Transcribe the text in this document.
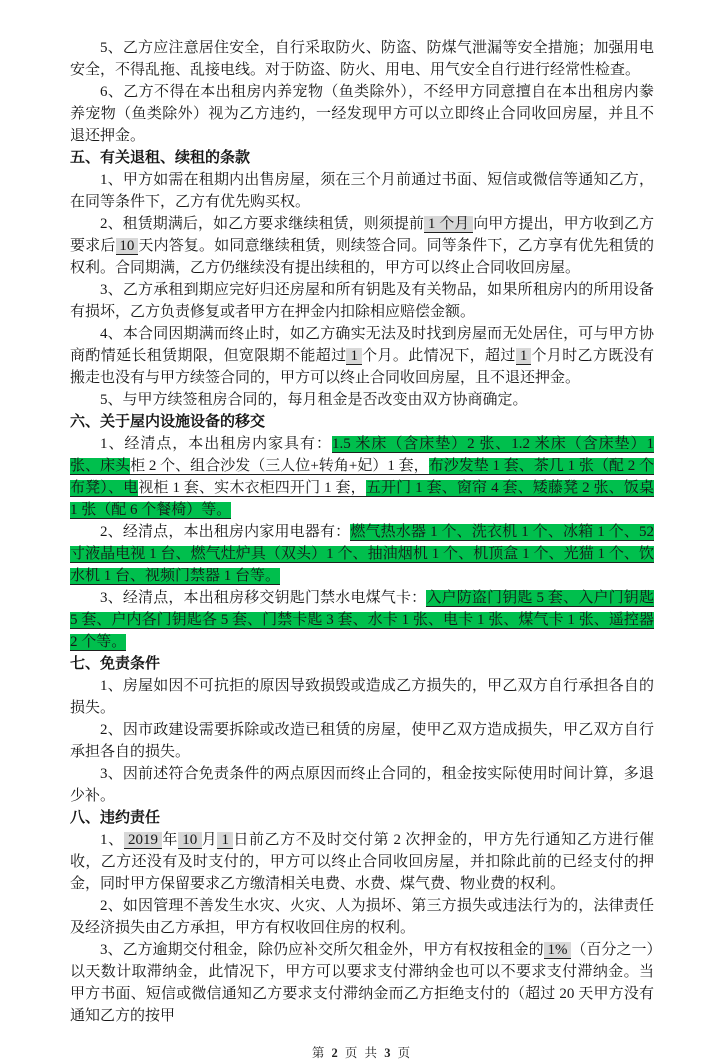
5、乙方应注意居住安全，自行采取防火、防盗、防煤气泄漏等安全措施；加强用电安全，不得乱拖、乱接电线。对于防盗、防火、用电、用气安全自行进行经常性检查。

6、乙方不得在本出租房内养宠物（鱼类除外），不经甲方同意擅自在本出租房内豢养宠物（鱼类除外）视为乙方违约，一经发现甲方可以立即终止合同收回房屋，并且不退还押金。

五、有关退租、续租的条款

1、甲方如需在租期内出售房屋，须在三个月前通过书面、短信或微信等通知乙方，在同等条件下，乙方有优先购买权。

2、租赁期满后，如乙方要求继续租赁，则须提前 1 个月 向甲方提出，甲方收到乙方要求后 10 天内答复。如同意继续租赁，则续签合同。同等条件下，乙方享有优先租赁的权利。合同期满，乙方仍继续没有提出续租的，甲方可以终止合同收回房屋。

3、乙方承租到期应完好归还房屋和所有钥匙及有关物品，如果所租房内的所用设备有损坏，乙方负责修复或者甲方在押金内扣除相应赔偿金额。

4、本合同因期满而终止时，如乙方确实无法及时找到房屋而无处居住，可与甲方协商酌情延长租赁期限，但宽限期不能超过 1 个月。此情况下，超过 1 个月时乙方既没有搬走也没有与甲方续签合同的，甲方可以终止合同收回房屋，且不退还押金。

5、与甲方续签租房合同的，每月租金是否改变由双方协商确定。

六、关于屋内设施设备的移交

1、经清点，本出租房内家具有：1.5 米床（含床垫）2 张、1.2 米床（含床垫）1 张、床头柜 2 个、组合沙发（三人位+转角+妃）1 套，布沙发垫 1 套、茶几 1 张（配 2 个布凳）、电视柜 1 套、实木衣柜四开门 1 套，五开门 1 套、窗帘 4 套、矮藤凳 2 张、饭桌 1 张（配 6 个餐椅）等。

2、经清点，本出租房内家用电器有：燃气热水器 1 个、洗衣机 1 个、冰箱 1 个、52 寸液晶电视 1 台、燃气灶炉具（双头）1 个、抽油烟机 1 个、机顶盒 1 个、光猫 1 个、饮水机 1 台、视频门禁器 1 台等。

3、经清点，本出租房移交钥匙门禁水电煤气卡：入户防盗门钥匙 5 套、入户门钥匙 5 套、户内各门钥匙各 5 套、门禁卡匙 3 套、水卡 1 张、电卡 1 张、煤气卡 1 张、遥控器 2 个等。

七、免责条件

1、房屋如因不可抗拒的原因导致损毁或造成乙方损失的，甲乙双方自行承担各自的损失。

2、因市政建设需要拆除或改造已租赁的房屋，使甲乙双方造成损失，甲乙双方自行承担各自的损失。

3、因前述符合免责条件的两点原因而终止合同的，租金按实际使用时间计算，多退少补。

八、违约责任

1、 2019 年 10 月 1 日前乙方不及时交付第 2 次押金的，甲方先行通知乙方进行催收，乙方还没有及时支付的，甲方可以终止合同收回房屋，并扣除此前的已经支付的押金，同时甲方保留要求乙方缴清相关电费、水费、煤气费、物业费的权利。

2、如因管理不善发生水灾、火灾、人为损坏、第三方损失或违法行为的，法律责任及经济损失由乙方承担，甲方有权收回住房的权利。

3、乙方逾期交付租金，除仍应补交所欠租金外，甲方有权按租金的 1% （百分之一）以天数计取滞纳金，此情况下，甲方可以要求支付滞纳金也可以不要求支付滞纳金。当甲方书面、短信或微信通知乙方要求支付滞纳金而乙方拒绝支付的（超过 20 天甲方没有通知乙方的按甲

第 2 页 共 3 页
